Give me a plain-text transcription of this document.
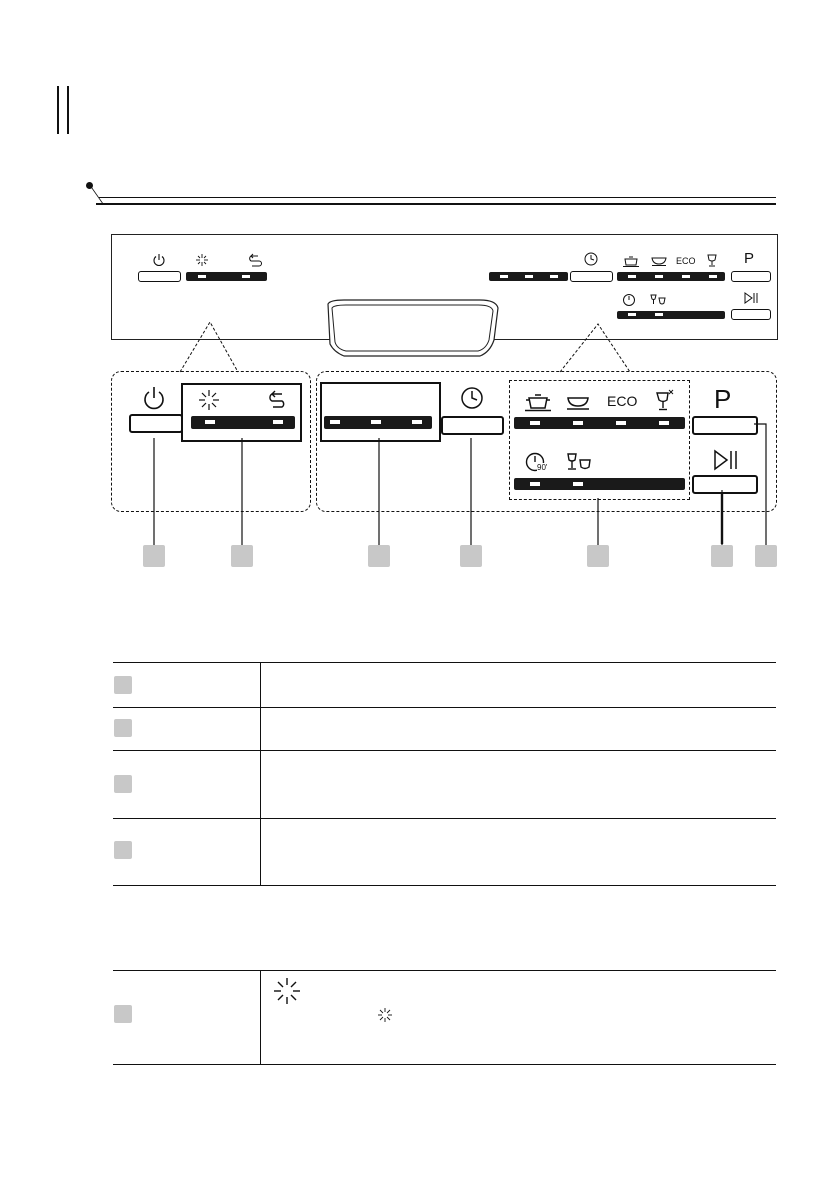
ECO	P
ECO
90'
P
